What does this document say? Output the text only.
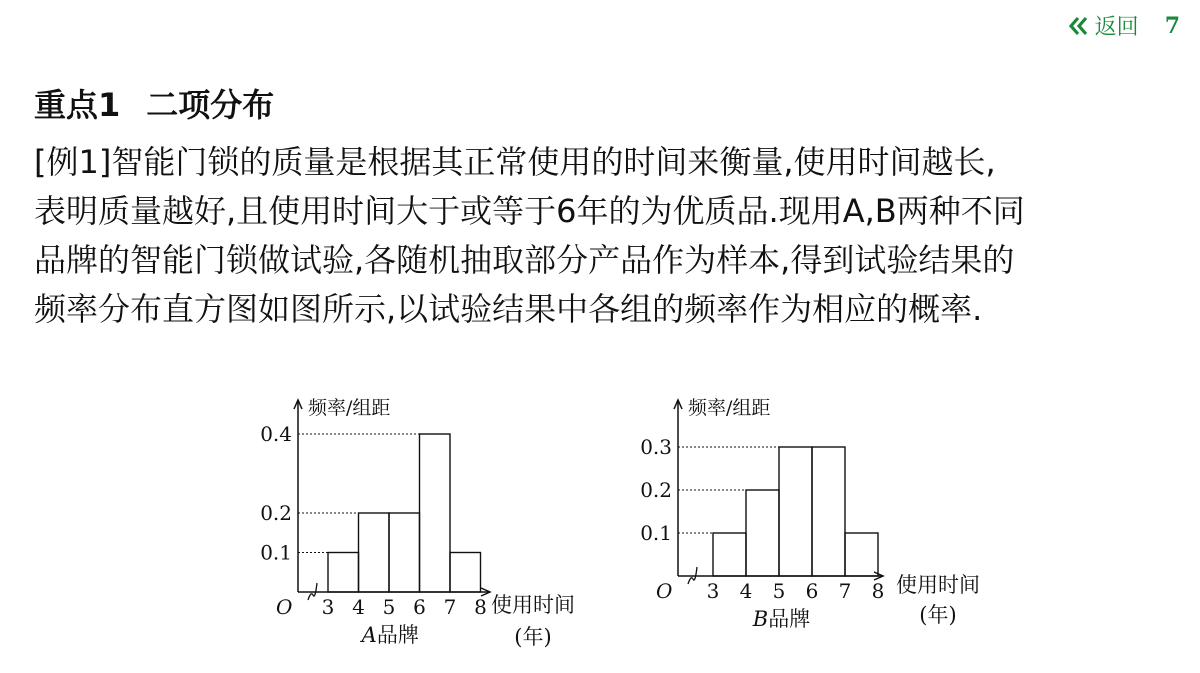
返回 7
重点1 二项分布

[例1]智能门锁的质量是根据其正常使用的时间来衡量,使用时间越长,

表明质量越好,且使用时间大于或等于6年的为优质品.现用A,B两种不同

品牌的智能门锁做试验,各随机抽取部分产品作为样本,得到试验结果的

频率分布直方图如图所示,以试验结果中各组的频率作为相应的概率.

O
频率/组距
0.1
0.2
0.4
3 4 5 6 7 8 使用时间
(年)
A品牌
O
频率/组距
0.1
0.2
0.3
3 4 5 6 7 8 使用时间
(年)
B品牌
